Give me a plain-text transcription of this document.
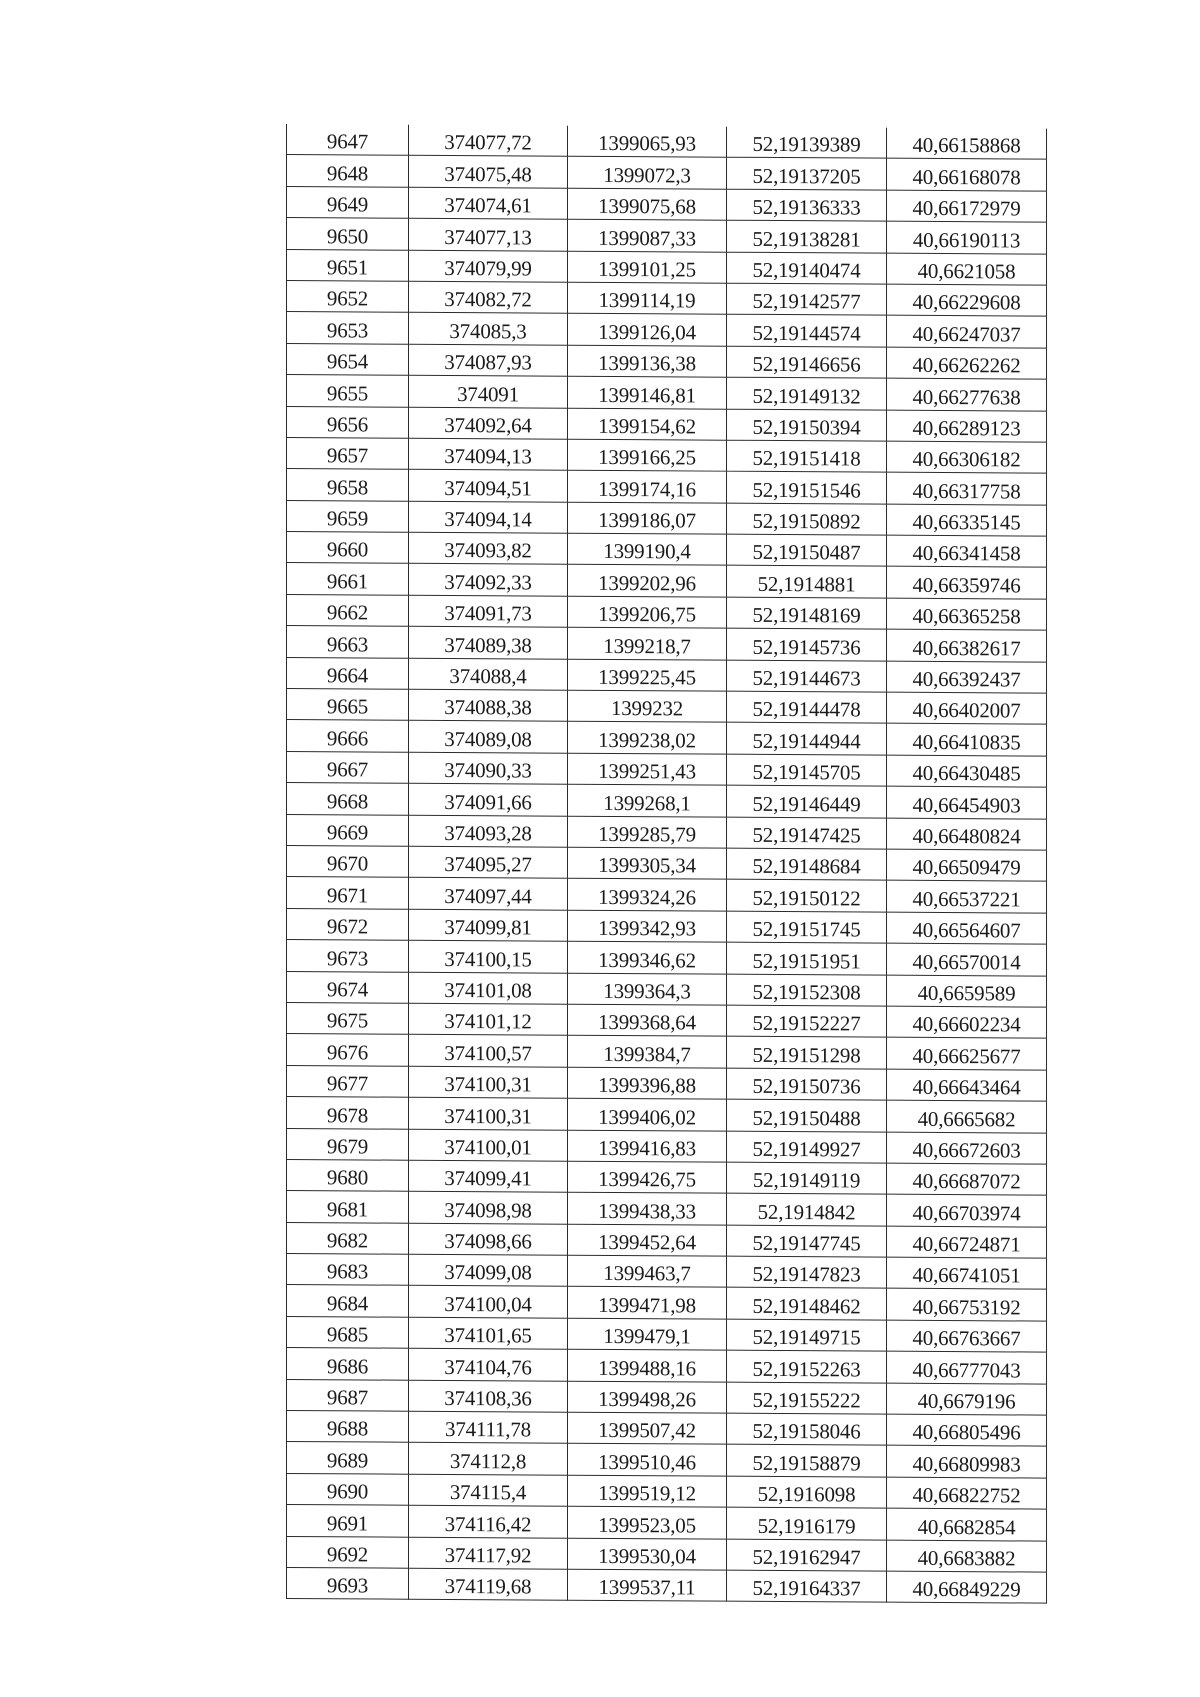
9647	374077,72	1399065,93	52,19139389	40,66158868
9648	374075,48	1399072,3	52,19137205	40,66168078
9649	374074,61	1399075,68	52,19136333	40,66172979
9650	374077,13	1399087,33	52,19138281	40,66190113
9651	374079,99	1399101,25	52,19140474	40,6621058
9652	374082,72	1399114,19	52,19142577	40,66229608
9653	374085,3	1399126,04	52,19144574	40,66247037
9654	374087,93	1399136,38	52,19146656	40,66262262
9655	374091	1399146,81	52,19149132	40,66277638
9656	374092,64	1399154,62	52,19150394	40,66289123
9657	374094,13	1399166,25	52,19151418	40,66306182
9658	374094,51	1399174,16	52,19151546	40,66317758
9659	374094,14	1399186,07	52,19150892	40,66335145
9660	374093,82	1399190,4	52,19150487	40,66341458
9661	374092,33	1399202,96	52,1914881	40,66359746
9662	374091,73	1399206,75	52,19148169	40,66365258
9663	374089,38	1399218,7	52,19145736	40,66382617
9664	374088,4	1399225,45	52,19144673	40,66392437
9665	374088,38	1399232	52,19144478	40,66402007
9666	374089,08	1399238,02	52,19144944	40,66410835
9667	374090,33	1399251,43	52,19145705	40,66430485
9668	374091,66	1399268,1	52,19146449	40,66454903
9669	374093,28	1399285,79	52,19147425	40,66480824
9670	374095,27	1399305,34	52,19148684	40,66509479
9671	374097,44	1399324,26	52,19150122	40,66537221
9672	374099,81	1399342,93	52,19151745	40,66564607
9673	374100,15	1399346,62	52,19151951	40,66570014
9674	374101,08	1399364,3	52,19152308	40,6659589
9675	374101,12	1399368,64	52,19152227	40,66602234
9676	374100,57	1399384,7	52,19151298	40,66625677
9677	374100,31	1399396,88	52,19150736	40,66643464
9678	374100,31	1399406,02	52,19150488	40,6665682
9679	374100,01	1399416,83	52,19149927	40,66672603
9680	374099,41	1399426,75	52,19149119	40,66687072
9681	374098,98	1399438,33	52,1914842	40,66703974
9682	374098,66	1399452,64	52,19147745	40,66724871
9683	374099,08	1399463,7	52,19147823	40,66741051
9684	374100,04	1399471,98	52,19148462	40,66753192
9685	374101,65	1399479,1	52,19149715	40,66763667
9686	374104,76	1399488,16	52,19152263	40,66777043
9687	374108,36	1399498,26	52,19155222	40,6679196
9688	374111,78	1399507,42	52,19158046	40,66805496
9689	374112,8	1399510,46	52,19158879	40,66809983
9690	374115,4	1399519,12	52,1916098	40,66822752
9691	374116,42	1399523,05	52,1916179	40,6682854
9692	374117,92	1399530,04	52,19162947	40,6683882
9693	374119,68	1399537,11	52,19164337	40,66849229
